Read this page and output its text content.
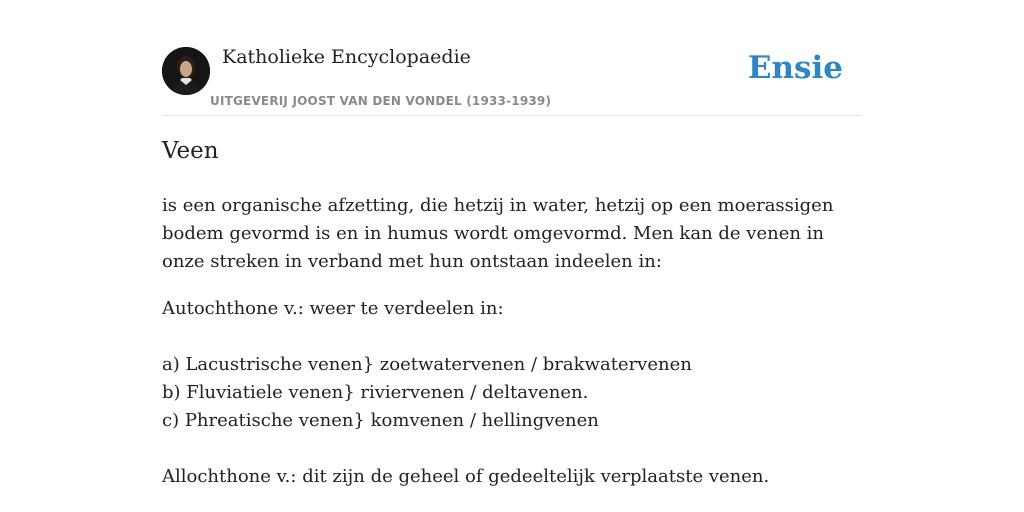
Katholieke Encyclopaedie
UITGEVERIJ JOOST VAN DEN VONDEL (1933-1939)
Ensie
Veen

is een organische afzetting, die hetzij in water, hetzij op een moerassigen bodem gevormd is en in humus wordt omgevormd. Men kan de venen in onze streken in verband met hun ontstaan indeelen in:

Autochthone v.: weer te verdeelen in:

a) Lacustrische venen} zoetwatervenen / brakwatervenen
b) Fluviatiele venen} riviervenen / deltavenen.
c) Phreatische venen} komvenen / hellingvenen

Allochthone v.: dit zijn de geheel of gedeeltelijk verplaatste venen.
